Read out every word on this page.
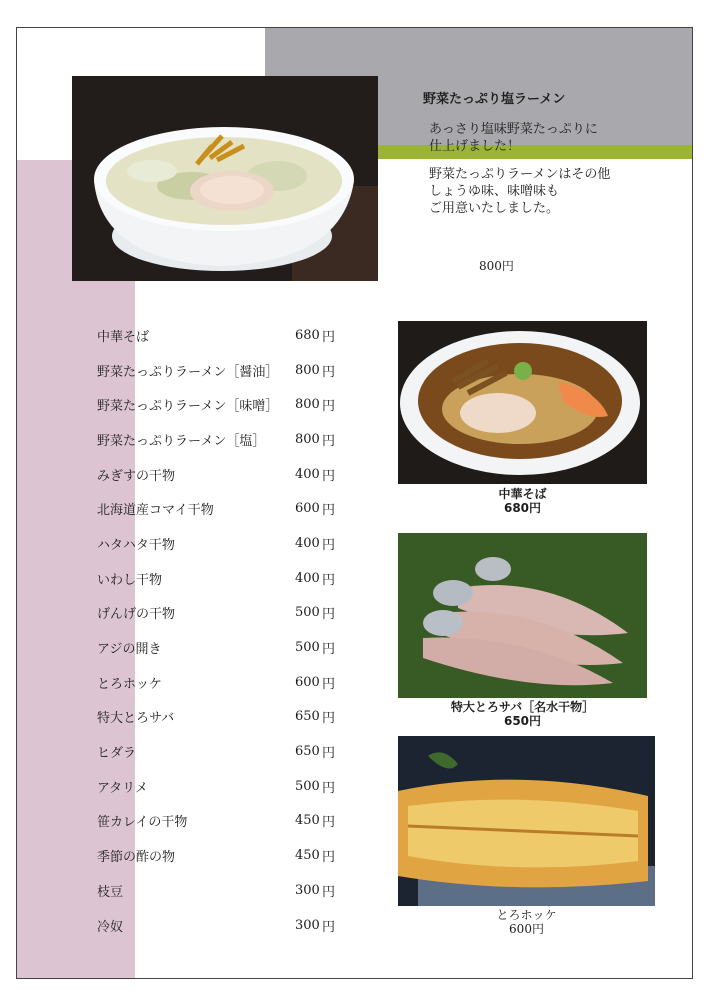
野菜たっぷり塩ラーメン
あっさり塩味野菜たっぷりに
仕上げました！
野菜たっぷりラーメンはその他
しょうゆ味、味噌味も
ご用意いたしました。
800円
中華そば	680 円
野菜たっぷりラーメン［醤油］ 800 円
野菜たっぷりラーメン［味噌］ 800 円
野菜たっぷりラーメン［塩］ 800 円
みぎすの干物	400 円
北海道産コマイ干物	600 円
ハタハタ干物	400 円
いわし干物	400 円
げんげの干物	500 円
アジの開き	500 円
とろホッケ	600 円
特大とろサバ	650 円
ヒダラ	650 円
アタリメ	500 円
笹カレイの干物	450 円
季節の酢の物	450 円
枝豆	300 円
冷奴	300 円
中華そば
680円
特大とろサバ［名水干物］
650円
とろホッケ
600円
